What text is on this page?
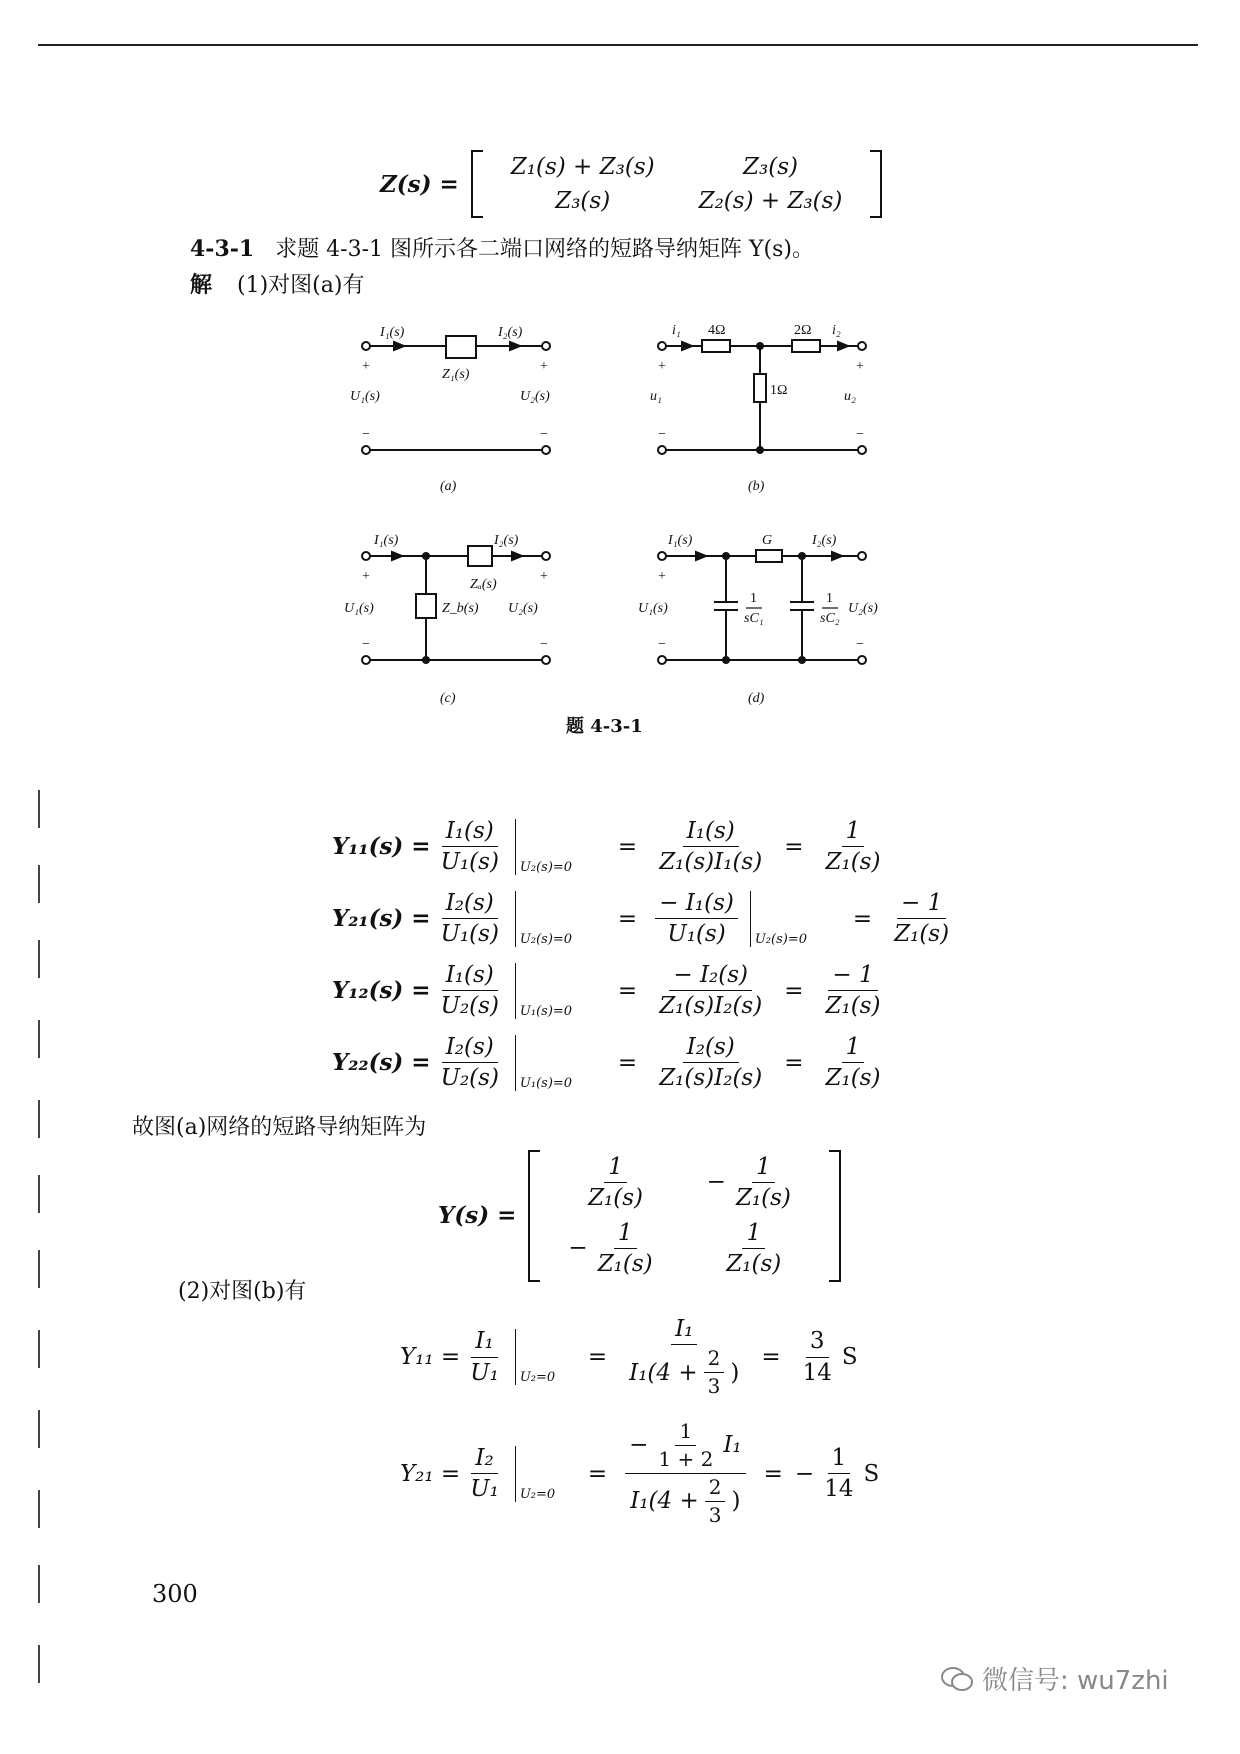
Z(s) =
Z₁(s) + Z₃(s)	Z₃(s)
Z₃(s)	Z₂(s) + Z₃(s)
4-3-1 求题 4-3-1 图所示各二端口网络的短路导纳矩阵 Y(s)。
解 (1)对图(a)有
I₁(s)	I₂(s)
Z₁(s)
U₁(s)	U₂(s)
+	+
−	−
(a)
i₁ 4Ω	2Ω i₂
1Ω
u₁	u₂
+	+
−	−
(b)
I₁(s)	I₂(s)
Zₐ(s)
Z_b(s)
U₁(s)	U₂(s)
+	+
−	−
(c)
I₁(s)	G	I₂(s)
1
sC₁
1
sC₂
U₁(s)	U₂(s)
+
−	−
(d)
题 4-3-1
$Y_{11}(s) = \frac{\text{I₁(s)}}{\text{U₁(s)}} U_2(s)=0$
= $\frac{\text{I₁(s)}}{\text{Z₁(s)I₁(s)}} = \frac{1}{\text{Z₁(s)}}$
$Y_{21}(s) = \frac{\text{I₂(s)}}{\text{U₁(s)}} U_2(s)=0$
= $\frac{\text{− I₁(s)}}{\text{U₁(s)}} U_2(s)=0$
= $\frac{- 1}{\text{Z₁(s)}}$
$Y_{12}(s) = \frac{\text{I₁(s)}}{\text{U₂(s)}} U_1(s)=0$
= $\frac{\text{− I₂(s)}}{\text{Z₁(s)I₂(s)}} = \frac{- 1}{\text{Z₁(s)}}$
$Y_{22}(s) = \frac{\text{I₂(s)}}{\text{U₂(s)}} U_1(s)=0$
= $\frac{\text{I₂(s)}}{\text{Z₁(s)I₂(s)}} = \frac{1}{\text{Z₁(s)}}$
故图(a)网络的短路导纳矩阵为
Y(s) =
$\frac{1}{\text{Z₁(s)}}$	− $\frac{1}{\text{Z₁(s)}}$

− $\frac{1}{\text{Z₁(s)}}$	$\frac{1}{\text{Z₁(s)}}$
(2)对图(b)有
$Y_{11} = \frac{\text{I₁}}{\text{U₁}} U_2=0$
= $\frac{\text{I₁}}{I_1(4 + \frac{2}{3} )} = \frac{3}{14}$ S
$Y_{21} = \frac{\text{I₂}}{\text{U₁}} U_2=0$
= $\frac{- \frac{1}{1 + 2} I_1}{I_1(4 + \frac{2}{3} )}$ = − $\frac{1}{14}$ S
300
微信号: wu7zhi
